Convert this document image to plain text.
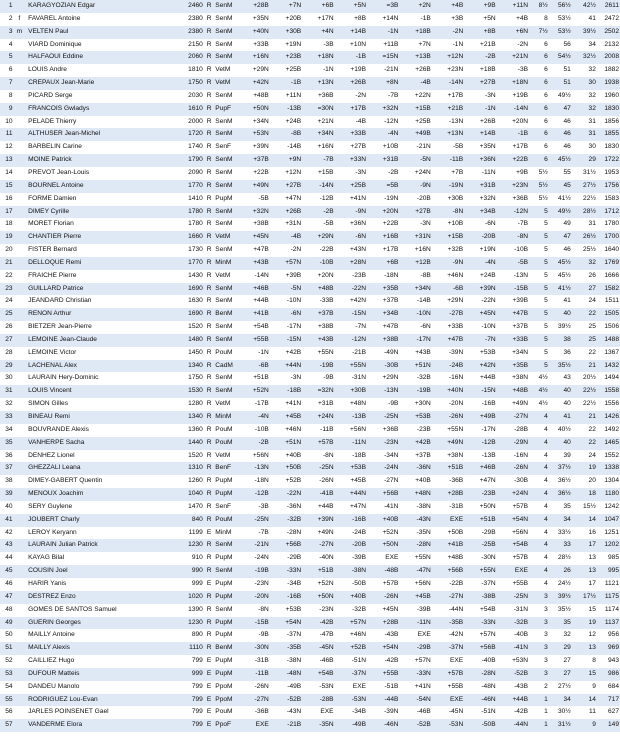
1		KARAGYOZIAN Edgar	2460	R	SenM	+28B	+7N	+6B	+5N	=3B	+2N	+4B	+9B	+11N	8½	56½	42½	2611
2	f	FAVAREL Antoine	2380	R	SenM	+35N	+20B	+17N	+8B	+14N	-1B	+3B	+5N	+4B	8	53½	41	2472
3	m	VELTEN Paul	2380	R	SenM	+40N	+30B	+4N	+14B	-1N	+18B	-2N	+8B	+6N	7½	53½	39½	2502
4		VIARD Dominique	2150	R	SenM	+33B	+19N	-3B	+10N	+11B	+7N	-1N	+21B	-2N	6	56	34	2132
5		HALFAOUI Eddine	2060	R	SenM	+16N	+23B	+18N	-1B	=15N	+13B	+12N	-2B	+21N	6	54½	32½	2008
6		LOUIS Andre	1810	R	VetM	+29N	+25B	-1N	+19B	-21N	+26B	+23N	+18B	-3B	6	51	32	1882
7		CREPAUX Jean-Marie	1750	R	VetM	+42N	-1B	+13N	+26B	+8N	-4B	-14N	+27B	+18N	6	51	30	1938
8		PICARD Serge	2030	R	SenM	+48B	+11N	+36B	-2N	-7B	+22N	+17B	-3N	+19B	6	49½	32	1960
9		FRANCOIS Gwladys	1610	R	PupF	+50N	-13B	=30N	+17B	+32N	+15B	+21B	-1N	-14N	6	47	32	1830
10		PELADE Thierry	2000	R	SenM	+34N	+24B	+21N	-4B	-12N	+25B	-13N	+26B	+20N	6	46	31	1856
11		ALTHUSER Jean-Michel	1720	R	SenM	+53N	-8B	+34N	+33B	-4N	+49B	+13N	+14B	-1B	6	46	31	1855
12		BARBELIN Carine	1740	R	SenF	+39N	-14B	+16N	+27B	+10B	-21N	-5B	+35N	+17B	6	46	30	1830
13		MOINE Patrick	1790	R	SenM	+37B	+9N	-7B	+33N	+31B	-5N	-11B	+36N	+22B	6	45½	29	1722
14		PREVOT Jean-Louis	2090	R	SenM	+22B	+12N	+15B	-3N	-2B	+24N	+7B	-11N	+9B	5½	55	31½	1953
15		BOURNEL Antoine	1770	R	SenM	+49N	+27B	-14N	+25B	=5B	-9N	-19N	+31B	+23N	5½	45	27½	1756
16		FORME Damien	1410	R	PupM	-5B	+47N	-12B	+41N	-19N	-20B	+30B	+32N	+36B	5½	41½	22½	1583
17		DIMEY Cyrille	1780	R	SenM	+32N	+26B	-2B	-9N	+20N	+27B	-8N	+34B	-12N	5	49½	28½	1712
18		MORET Florian	1780	R	SenM	+38B	+31N	-5B	+36N	+22B	-3N	+10B	-6N	-7B	5	49	31	1780
19		CHANTIER Pierre	1660	R	VetM	+45N	-4B	+29N	-6N	+16B	+31N	+15B	-20B	-8N	5	47	26½	1700
20		FISTER Bernard	1730	R	SenM	+47B	-2N	-22B	+43N	+17B	+16N	+32B	+19N	-10B	5	46	25½	1640
21		DELLOQUE Remi	1770	R	MinM	+43B	+57N	-10B	+28N	+6B	+12B	-9N	-4N	-5B	5	45½	32	1769
22		FRAICHE Pierre	1430	R	VetM	-14N	+39B	+20N	-23B	-18N	-8B	+46N	+24B	-13N	5	45½	26	1666
23		GUILLARD Patrice	1690	R	SenM	+46B	-5N	+48B	-22N	+35B	+34N	-6B	+39N	-15B	5	41½	27	1582
24		JEANDARD Christian	1630	R	SenM	+44B	-10N	-33B	+42N	+37B	-14B	+29N	-22N	+39B	5	41	24	1511
25		RENON Arthur	1690	R	BenM	+41B	-6N	+37B	-15N	+34B	-10N	-27B	+45N	+47B	5	40	22	1505
26		BIETZER Jean-Pierre	1520	R	SenM	+54B	-17N	+38B	-7N	+47B	-6N	+33B	-10N	+37B	5	39½	25	1506
27		LEMOINE Jean-Claude	1480	R	SenM	+55B	-15N	+43B	-12N	+38B	-17N	+47B	-7N	+33B	5	38	25	1488
28		LEMOINE Victor	1450	R	PouM	-1N	+42B	+55N	-21B	-49N	+43B	-39N	+53B	+34N	5	36	22	1367
29		LACHENAL Alex	1340	R	CadM	-6B	+44N	-19B	+55N	-30B	+51N	-24B	+42N	+35B	5	35½	21	1432
30		LAURAIN Hery-Dominic	1750	R	SenM	+51B	-3N	-9B	-31N	+29N	-32B	-16N	+44B	+38N	4½	43	20½	1494
31		LOUIS Vincent	1530	R	SenM	+52N	-18B	=32N	+30B	-13N	-19B	+40N	-15N	+48B	4½	40	22½	1558
32		SIMON Gilles	1280	R	VetM	-17B	+41N	+31B	+48N	-9B	+30N	-20N	-16B	+49N	4½	40	22½	1556
33		BINEAU Remi	1340	R	MinM	-4N	+45B	+24N	-13B	-25N	+53B	-26N	+49B	-27N	4	41	21	1426
34		BOUVRANDE Alexis	1360	R	PouM	-10B	+46N	-11B	+56N	+36B	-23B	+55N	-17N	-28B	4	40½	22	1492
35		VANHERPE Sacha	1440	R	PouM	-2B	+51N	+57B	-11N	-23N	+42B	+49N	-12B	-29N	4	40	22	1465
36		DENHEZ Lionel	1520	R	VetM	+56N	+40B	-8N	-18B	-34N	+37B	+38N	-13B	-16N	4	39	24	1552
37		GHEZZALI Leana	1310	R	BenF	-13N	+50B	-25N	+53B	-24N	-36N	+51B	+46B	-26N	4	37½	19	1338
38		DIMEY-GABERT Quentin	1260	R	PupM	-18N	+52B	-26N	+45B	-27N	+40B	-36B	+47N	-30B	4	36½	20	1304
39		MENOUX Joachim	1040	R	PupM	-12B	-22N	-41B	+44N	+56B	+48N	+28B	-23B	+24N	4	36½	18	1180
40		SERY Guylene	1470	R	SenF	-3B	-36N	+44B	+47N	-41N	-38N	-31B	+50N	+57B	4	35	15½	1242
41		JOUBERT Charly	840	R	PouM	-25N	-32B	+39N	-16B	+40B	-43N	EXE	+51B	+54N	4	34	14	1047
42		LEROY Keryann	1199	E	MinM	-7B	-28N	+49N	-24B	+52N	-35N	+50B	-29B	+56N	4	33½	16	1251
43		LAURAIN Julian Patrick	1230	R	SenM	-21N	+56B	-27N	-20B	+50N	-28N	+41B	-25B	+54B	4	33	17	1202
44		KAYAG Bilal	910	R	PupM	-24N	-29B	-40N	-39B	EXE	+55N	+48B	-30N	+57B	4	28½	13	985
45		COUSIN Joel	990	R	SenM	-19B	-33N	+51B	-38N	-48B	-47N	+56B	+55N	EXE	4	26	13	995
46		HARIR Yanis	999	E	PupM	-23N	-34B	+52N	-50B	+57B	+56N	-22B	-37N	+55B	4	24½	17	1121
47		DESTREZ Enzo	1020	R	PupM	-20N	-16B	+50N	+40B	-26N	+45B	-27N	-38B	-25N	3	39½	17½	1175
48		GOMES DE SANTOS Samuel	1390	R	SenM	-8N	+53B	-23N	-32B	+45N	-39B	-44N	+54B	-31N	3	35½	15	1174
49		GUERIN Georges	1230	R	PupM	-15B	+54N	-42B	+57N	+28B	-11N	-35B	-33N	-32B	3	35	19	1137
50		MAILLY Antoine	890	R	PupM	-9B	-37N	-47B	+46N	-43B	EXE	-42N	+57N	-40B	3	32	12	956
51		MAILLY Alexis	1110	R	BenM	-30N	-35B	-45N	+52B	+54N	-29B	-37N	+56B	-41N	3	29	13	969
52		CAILLIEZ Hugo	799	E	PupM	-31B	-38N	-46B	-51N	-42B	+57N	EXE	-40B	+53N	3	27	8	943
53		DUFOUR Matteis	999	E	PupM	-11B	-48N	+54B	-37N	+55B	-33N	+57B	-28N	-52B	3	27	15	986
54		DANDEU Manolo	799	E	PpoM	-26N	-49B	-53N	EXE	-51B	+41N	+55B	-48N	-43B	2	27½	9	684
55		RODRIGUEZ Lou-Evan	799	E	PpoM	-27N	-52B	-28B	-53N	-44B	-54N	EXE	-46N	+44B	1	34	14	717
56		JARLES POINSENET Gael	799	E	PouM	-36B	-43N	EXE	-34B	-39N	-46B	-45N	-51N	-42B	1	30½	11	627
57		VANDERME Elora	799	E	PpoF	EXE	-21B	-35N	-49B	-46N	-52B	-53N	-50B	-44N	1	31½	9	149
